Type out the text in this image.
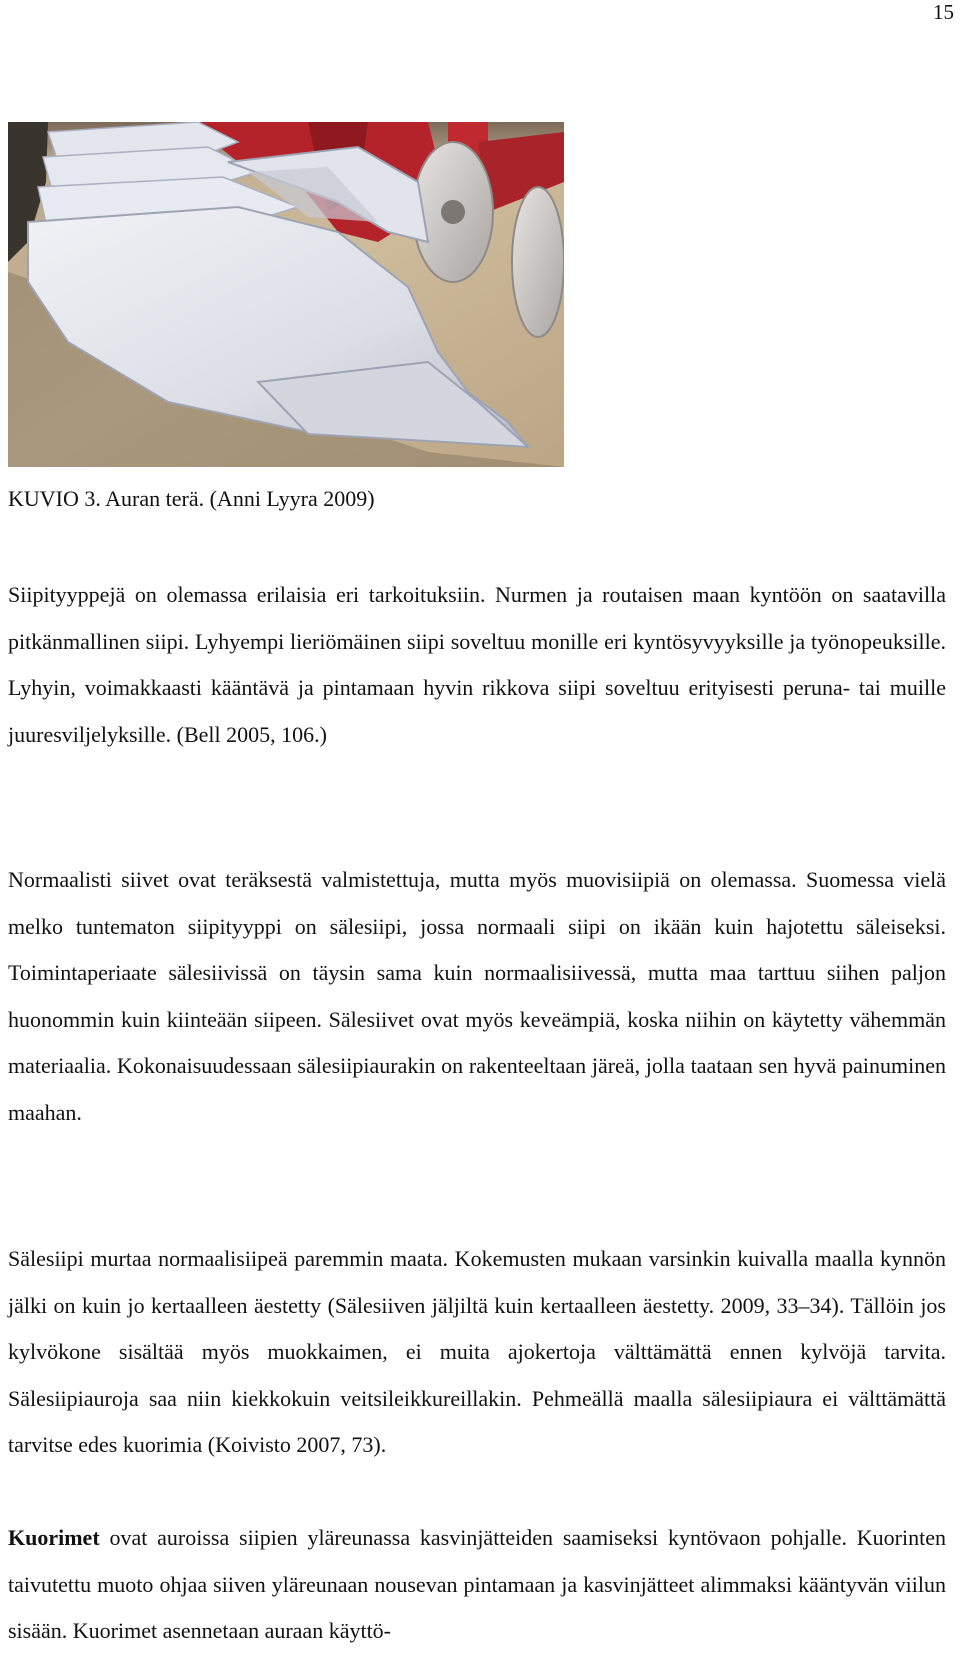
15
KUVIO 3. Auran terä. (Anni Lyyra 2009)

Siipityyppejä on olemassa erilaisia eri tarkoituksiin. Nurmen ja routaisen maan kyntöön on saatavilla pitkänmallinen siipi. Lyhyempi lieriömäinen siipi soveltuu monille eri kyntösyvyyksille ja työnopeuksille. Lyhyin, voimakkaasti kääntävä ja pintamaan hyvin rikkova siipi soveltuu erityisesti peruna- tai muille juuresviljelyksille. (Bell 2005, 106.)

Normaalisti siivet ovat teräksestä valmistettuja, mutta myös muovisiipiä on olemassa. Suomessa vielä melko tuntematon siipityyppi on sälesiipi, jossa normaali siipi on ikään kuin hajotettu säleiseksi. Toimintaperiaate sälesiivissä on täysin sama kuin normaalisiivessä, mutta maa tarttuu siihen paljon huonommin kuin kiinteään siipeen. Sälesiivet ovat myös keveämpiä, koska niihin on käytetty vähemmän materiaalia. Kokonaisuudessaan sälesiipiaurakin on rakenteeltaan järeä, jolla taataan sen hyvä painuminen maahan.

Sälesiipi murtaa normaalisiipeä paremmin maata. Kokemusten mukaan varsinkin kuivalla maalla kynnön jälki on kuin jo kertaalleen äestetty (Sälesiiven jäljiltä kuin kertaalleen äestetty. 2009, 33–34). Tällöin jos kylvökone sisältää myös muokkaimen, ei muita ajokertoja välttämättä ennen kylvöjä tarvita. Sälesiipiauroja saa niin kiekkokuin veitsileikkureillakin. Pehmeällä maalla sälesiipiaura ei välttämättä tarvitse edes kuorimia (Koivisto 2007, 73).

Kuorimet ovat auroissa siipien yläreunassa kasvinjätteiden saamiseksi kyntövaon pohjalle. Kuorinten taivutettu muoto ohjaa siiven yläreunaan nousevan pintamaan ja kasvinjätteet alimmaksi kääntyvän viilun sisään. Kuorimet asennetaan auraan käyttö-
